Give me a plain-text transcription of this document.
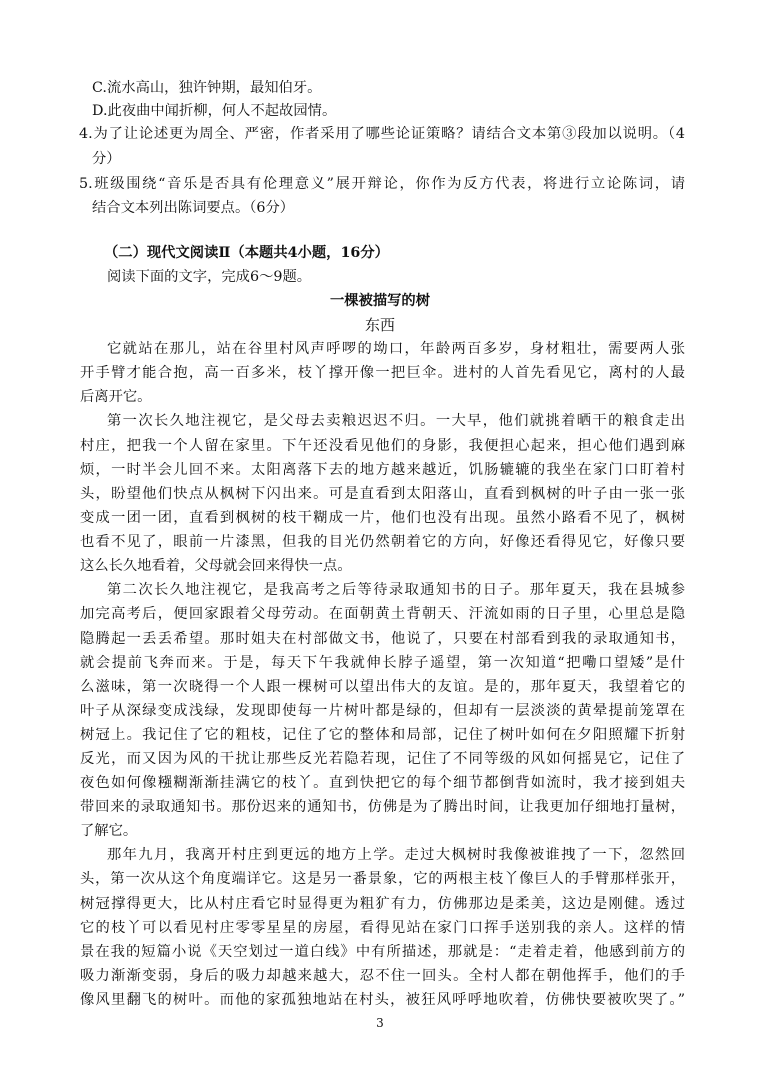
C.流水高山，独许钟期，最知伯牙。
D.此夜曲中闻折柳，何人不起故园情。
4.为了让论述更为周全、严密，作者采用了哪些论证策略？请结合文本第③段加以说明。（4
分）
5.班级围绕“音乐是否具有伦理意义”展开辩论，你作为反方代表，将进行立论陈词，请
结合文本列出陈词要点。（6分）
（二）现代文阅读Ⅱ（本题共4小题，16分）
阅读下面的文字，完成6～9题。
一棵被描写的树
东西
它就站在那儿，站在谷里村风声呼啰的坳口，年龄两百多岁，身材粗壮，需要两人张
开手臂才能合抱，高一百多米，枝丫撑开像一把巨伞。进村的人首先看见它，离村的人最
后离开它。
第一次长久地注视它，是父母去卖粮迟迟不归。一大早，他们就挑着晒干的粮食走出
村庄，把我一个人留在家里。下午还没看见他们的身影，我便担心起来，担心他们遇到麻
烦，一时半会儿回不来。太阳离落下去的地方越来越近，饥肠辘辘的我坐在家门口盯着村
头，盼望他们快点从枫树下闪出来。可是直看到太阳落山，直看到枫树的叶子由一张一张
变成一团一团，直看到枫树的枝干糊成一片，他们也没有出现。虽然小路看不见了，枫树
也看不见了，眼前一片漆黑，但我的目光仍然朝着它的方向，好像还看得见它，好像只要
这么长久地看着，父母就会回来得快一点。
第二次长久地注视它，是我高考之后等待录取通知书的日子。那年夏天，我在县城参
加完高考后，便回家跟着父母劳动。在面朝黄土背朝天、汗流如雨的日子里，心里总是隐
隐腾起一丢丢希望。那时姐夫在村部做文书，他说了，只要在村部看到我的录取通知书，
就会提前飞奔而来。于是，每天下午我就伸长脖子遥望，第一次知道“把嘞口望矮”是什
么滋味，第一次晓得一个人跟一棵树可以望出伟大的友谊。是的，那年夏天，我望着它的
叶子从深绿变成浅绿，发现即使每一片树叶都是绿的，但却有一层淡淡的黄晕提前笼罩在
树冠上。我记住了它的粗枝，记住了它的整体和局部，记住了树叶如何在夕阳照耀下折射
反光，而又因为风的干扰让那些反光若隐若现，记住了不同等级的风如何摇晃它，记住了
夜色如何像糨糊渐渐挂满它的枝丫。直到快把它的每个细节都倒背如流时，我才接到姐夫
带回来的录取通知书。那份迟来的通知书，仿佛是为了腾出时间，让我更加仔细地打量树，
了解它。
那年九月，我离开村庄到更远的地方上学。走过大枫树时我像被谁拽了一下，忽然回
头，第一次从这个角度端详它。这是另一番景象，它的两根主枝丫像巨人的手臂那样张开，
树冠撑得更大，比从村庄看它时显得更为粗犷有力，仿佛那边是柔美，这边是刚健。透过
它的枝丫可以看见村庄零零星星的房屋，看得见站在家门口挥手送别我的亲人。这样的情
景在我的短篇小说《天空划过一道白线》中有所描述，那就是：“走着走着，他感到前方的
吸力渐渐变弱，身后的吸力却越来越大，忍不住一回头。全村人都在朝他挥手，他们的手
像风里翻飞的树叶。而他的家孤独地站在村头，被狂风呼呼地吹着，仿佛快要被吹哭了。”
3
